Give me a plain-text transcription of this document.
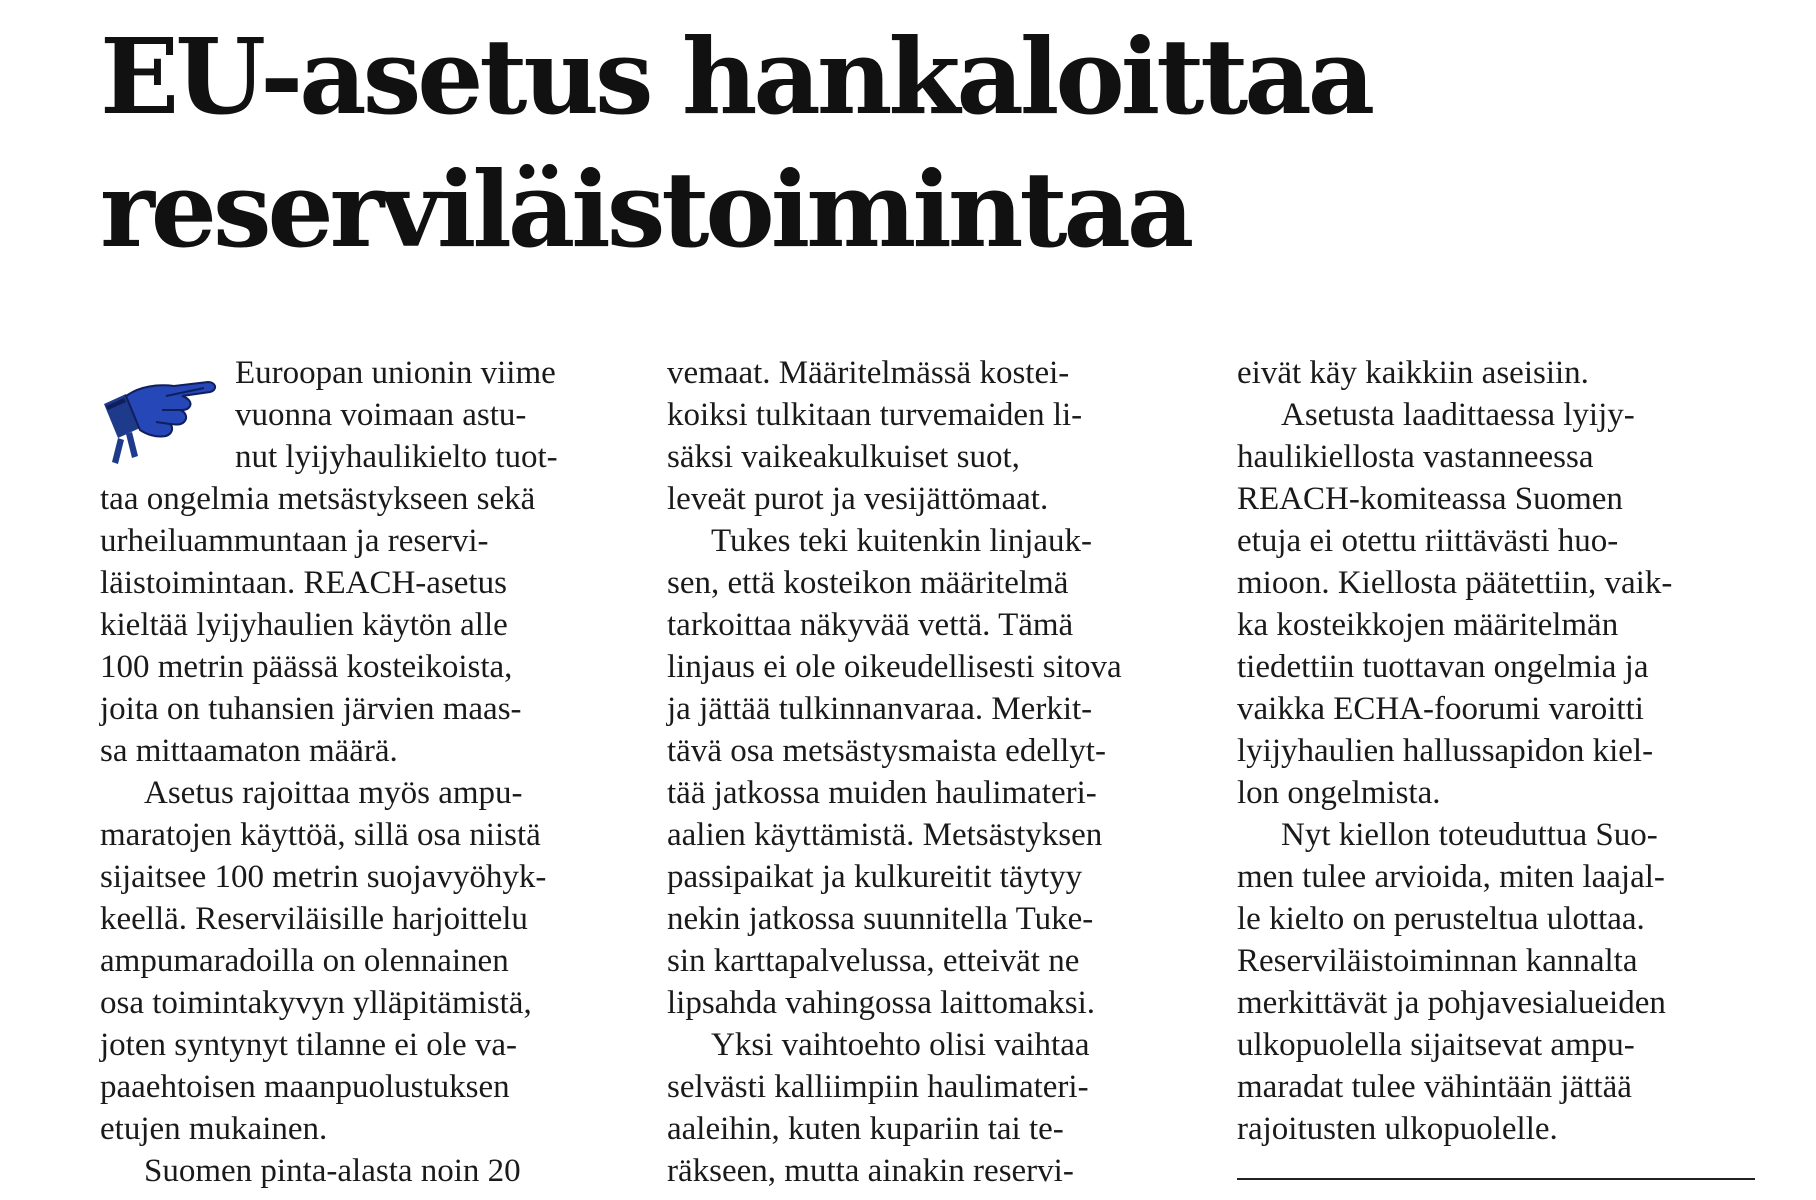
EU-asetus hankaloittaa
reserviläistoimintaa
Euroopan unionin viime
vuonna voimaan astu-
nut lyijyhaulikielto tuot-
taa ongelmia metsästykseen sekä
urheiluammuntaan ja reservi-
läistoimintaan. REACH-asetus
kieltää lyijyhaulien käytön alle
100 metrin päässä kosteikoista,
joita on tuhansien järvien maas-
sa mittaamaton määrä.
Asetus rajoittaa myös ampu-
maratojen käyttöä, sillä osa niistä
sijaitsee 100 metrin suojavyöhyk-
keellä. Reserviläisille harjoittelu
ampumaradoilla on olennainen
osa toimintakyvyn ylläpitämistä,
joten syntynyt tilanne ei ole va-
paaehtoisen maanpuolustuksen
etujen mukainen.
Suomen pinta-alasta noin 20
vemaat. Määritelmässä kostei-
koiksi tulkitaan turvemaiden li-
säksi vaikeakulkuiset suot,
leveät purot ja vesijättömaat.
Tukes teki kuitenkin linjauk-
sen, että kosteikon määritelmä
tarkoittaa näkyvää vettä. Tämä
linjaus ei ole oikeudellisesti sitova
ja jättää tulkinnanvaraa. Merkit-
tävä osa metsästysmaista edellyt-
tää jatkossa muiden haulimateri-
aalien käyttämistä. Metsästyksen
passipaikat ja kulkureitit täytyy
nekin jatkossa suunnitella Tuke-
sin karttapalvelussa, etteivät ne
lipsahda vahingossa laittomaksi.
Yksi vaihtoehto olisi vaihtaa
selvästi kalliimpiin haulimateri-
aaleihin, kuten kupariin tai te-
räkseen, mutta ainakin reservi-
eivät käy kaikkiin aseisiin.
Asetusta laadittaessa lyijy-
haulikiellosta vastanneessa
REACH-komiteassa Suomen
etuja ei otettu riittävästi huo-
mioon. Kiellosta päätettiin, vaik-
ka kosteikkojen määritelmän
tiedettiin tuottavan ongelmia ja
vaikka ECHA-foorumi varoitti
lyijyhaulien hallussapidon kiel-
lon ongelmista.
Nyt kiellon toteuduttua Suo-
men tulee arvioida, miten laajal-
le kielto on perusteltua ulottaa.
Reserviläistoiminnan kannalta
merkittävät ja pohjavesialueiden
ulkopuolella sijaitsevat ampu-
maradat tulee vähintään jättää
rajoitusten ulkopuolelle.
